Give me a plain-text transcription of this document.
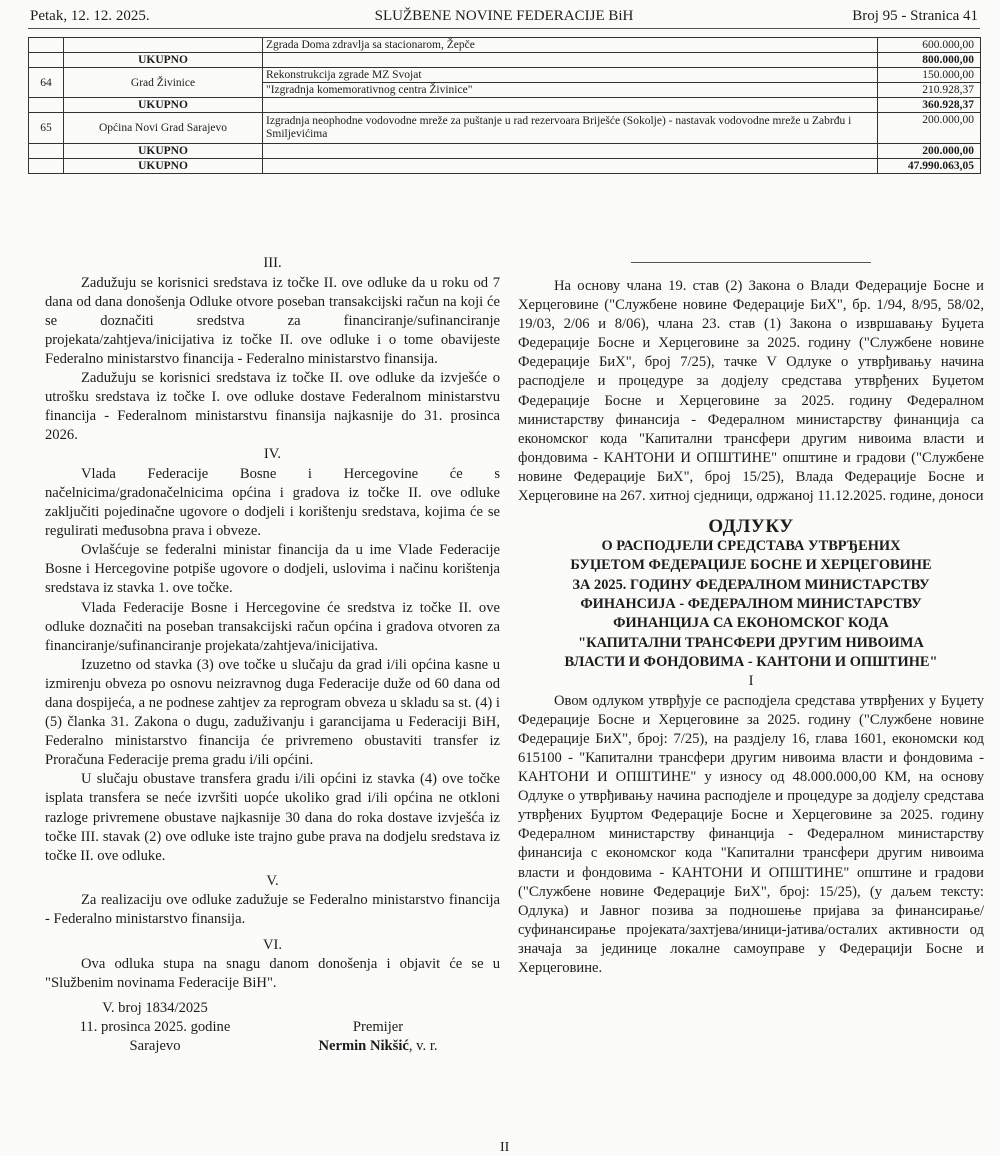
Petak, 12. 12. 2025.	SLUŽBENE NOVINE FEDERACIJE BiH	Broj 95 - Stranica 41
		Zgrada Doma zdravlja sa stacionarom, Žepče	600.000,00
	UKUPNO		800.000,00
64	Grad Živinice	Rekonstrukcija zgrade MZ Svojat	150.000,00
		"Izgradnja komemorativnog centra Živinice"	210.928,37
	UKUPNO		360.928,37
65	Općina Novi Grad Sarajevo	Izgradnja neophodne vodovodne mreže za puštanje u rad rezervoara Briješće (Sokolje) - nastavak vodovodne mreže u Zabrđu i Smiljevićima	200.000,00
	UKUPNO		200.000,00
	UKUPNO		47.990.063,05
III.

Zadužuju se korisnici sredstava iz točke II. ove odluke da u roku od 7 dana od dana donošenja Odluke otvore poseban transakcijski račun na koji će se doznačiti sredstva za financiranje/sufinanciranje projekata/zahtjeva/inicijativa iz točke II. ove odluke i o tome obavijeste Federalno ministarstvo financija - Federalno ministarstvo finansija.

Zadužuju se korisnici sredstava iz točke II. ove odluke da izvješće o utrošku sredstava iz točke I. ove odluke dostave Federalnom ministarstvu financija - Federalnom ministarstvu finansija najkasnije do 31. prosinca 2026.

IV.

Vlada Federacije Bosne i Hercegovine će s načelnicima/gradonačelnicima općina i gradova iz točke II. ove odluke zaključiti pojedinačne ugovore o dodjeli i korištenju sredstava, kojima će se regulirati međusobna prava i obveze.

Ovlašćuje se federalni ministar financija da u ime Vlade Federacije Bosne i Hercegovine potpiše ugovore o dodjeli, uslovima i načinu korištenja sredstava iz stavka 1. ove točke.

Vlada Federacije Bosne i Hercegovine će sredstva iz točke II. ove odluke doznačiti na poseban transakcijski račun općina i gradova otvoren za financiranje/sufinanciranje projekata/zahtjeva/inicijativa.

Izuzetno od stavka (3) ove točke u slučaju da grad i/ili općina kasne u izmirenju obveza po osnovu neizravnog duga Federacije duže od 60 dana od dana dospijeća, a ne podnese zahtjev za reprogram obveza u skladu sa st. (4) i (5) članka 31. Zakona o dugu, zaduživanju i garancijama u Federaciji BiH, Federalno ministarstvo financija će privremeno obustaviti transfer iz Proračuna Federacije prema gradu i/ili općini.

U slučaju obustave transfera gradu i/ili općini iz stavka (4) ove točke isplata transfera se neće izvršiti uopće ukoliko grad i/ili općina ne otkloni razloge privremene obustave najkasnije 30 dana do roka dostave izvješća iz točke III. stavak (2) ove odluke iste trajno gube prava na dodjelu sredstava iz točke II. ove odluke.

V.

Za realizaciju ove odluke zadužuje se Federalno ministarstvo financija - Federalno ministarstvo finansija.

VI.

Ova odluka stupa na snagu danom donošenja i objavit će se u "Službenim novinama Federacije BiH".

V. broj 1834/2025
11. prosinca 2025. godine
Sarajevo
Premijer
Nermin Nikšić, v. r.

На основу члана 19. став (2) Закона о Влади Федерације Босне и Херцеговине ("Службене новине Федерације БиХ", бр. 1/94, 8/95, 58/02, 19/03, 2/06 и 8/06), члана 23. став (1) Закона о извршавању Буџета Федерације Босне и Херцеговине за 2025. годину ("Службене новине Федерације БиХ", број 7/25), тачке V Одлуке о утврђивању начина расподјеле и процедуре за додјелу средстава утврђених Буџетом Федерације Босне и Херцеговине за 2025. годину Федералном министарству финансија - Федералном министарству финанција са економског кода "Капитални трансфери другим нивоима власти и фондовима - КАНТОНИ И ОПШТИНЕ" општине и градови ("Службене новине Федерације БиХ", број 15/25), Влада Федерације Босне и Херцеговине на 267. хитној сједници, одржаној 11.12.2025. године, доноси

ОДЛУКУ
О РАСПОДЈЕЛИ СРЕДСТАВА УТВРЂЕНИХ
БУЏЕТОМ ФЕДЕРАЦИЈЕ БОСНЕ И ХЕРЦЕГОВИНЕ
ЗА 2025. ГОДИНУ ФЕДЕРАЛНОМ МИНИСТАРСТВУ
ФИНАНСИЈА - ФЕДЕРАЛНОМ МИНИСТАРСТВУ
ФИНАНЦИЈА СА ЕКОНОМСКОГ КОДА
"КАПИТАЛНИ ТРАНСФЕРИ ДРУГИМ НИВОИМА
ВЛАСТИ И ФОНДОВИМА - КАНТОНИ И ОПШТИНЕ"
I

Овом одлуком утврђује се расподјела средстава утврђених у Буџету Федерације Босне и Херцеговине за 2025. годину ("Службене новине Федерације БиХ", број: 7/25), на раздјелу 16, глава 1601, економски код 615100 - "Капитални трансфери другим нивоима власти и фондовима - КАНТОНИ И ОПШТИНЕ" у износу од 48.000.000,00 КМ, на основу Одлуке о утврђивању начина расподјеле и процедуре за додјелу средстава утврђених Буџртом Федерације Босне и Херцеговине за 2025. годину Федералном министарству финанција - Федералном министарству финансија с економског кода "Капитални трансфери другим нивоима власти и фондовима - КАНТОНИ И ОПШТИНЕ" општине и градови ("Службене новине Федерације БиХ", број: 15/25), (у даљем тексту: Одлука) и Јавног позива за подношење пријава за финансирање/суфинансирање пројеката/захтјева/иници-јатива/осталих активности од значаја за јединице локалне самоуправе у Федерацији Босне и Херцеговине.

II
